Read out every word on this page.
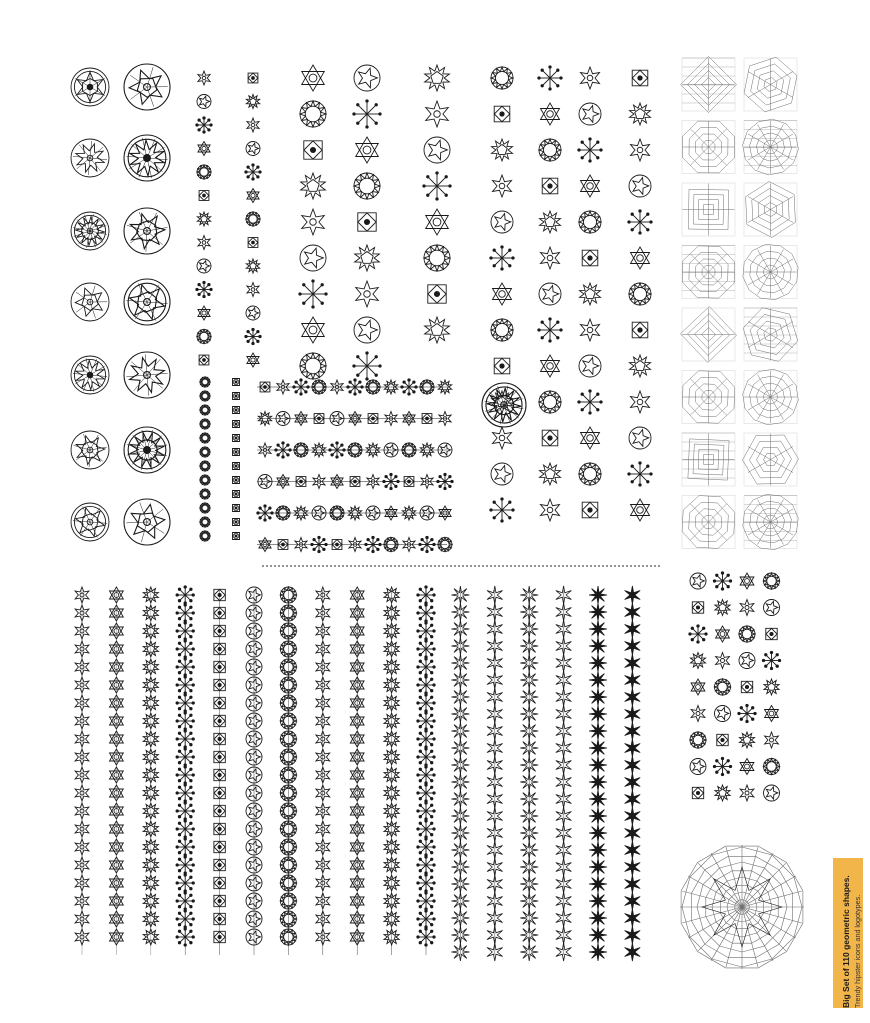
Big Set of 110 geometric shapes. Trendy hipster icons and logotypes.
